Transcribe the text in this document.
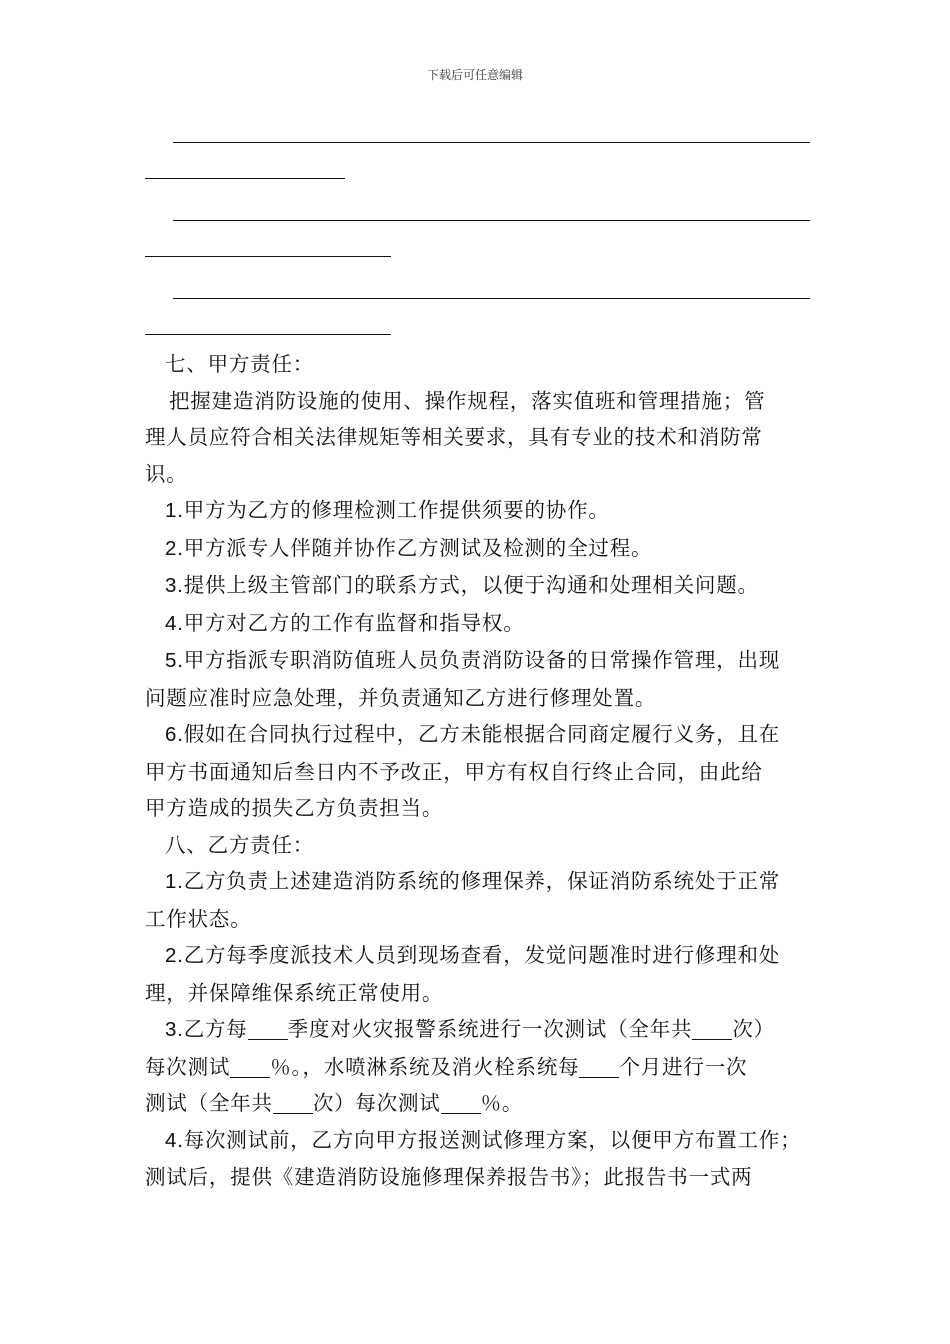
下载后可任意编辑

七、甲方责任：

把握建造消防设施的使用、操作规程，落实值班和管理措施；管

理人员应符合相关法律规矩等相关要求，具有专业的技术和消防常

识。

1.甲方为乙方的修理检测工作提供须要的协作。

2.甲方派专人伴随并协作乙方测试及检测的全过程。

3.提供上级主管部门的联系方式，以便于沟通和处理相关问题。

4.甲方对乙方的工作有监督和指导权。

5.甲方指派专职消防值班人员负责消防设备的日常操作管理，出现

问题应准时应急处理，并负责通知乙方进行修理处置。

6.假如在合同执行过程中，乙方未能根据合同商定履行义务，且在

甲方书面通知后叁日内不予改正，甲方有权自行终止合同，由此给

甲方造成的损失乙方负责担当。

八、乙方责任：

1.乙方负责上述建造消防系统的修理保养，保证消防系统处于正常

工作状态。

2.乙方每季度派技术人员到现场查看，发觉问题准时进行修理和处

理，并保障维保系统正常使用。

3.乙方每 季度对火灾报警系统进行一次测试（全年共 次）

每次测试 ％。，水喷淋系统及消火栓系统每 个月进行一次

测试（全年共 次）每次测试 ％。

4.每次测试前，乙方向甲方报送测试修理方案，以便甲方布置工作；

测试后，提供《建造消防设施修理保养报告书》；此报告书一式两
